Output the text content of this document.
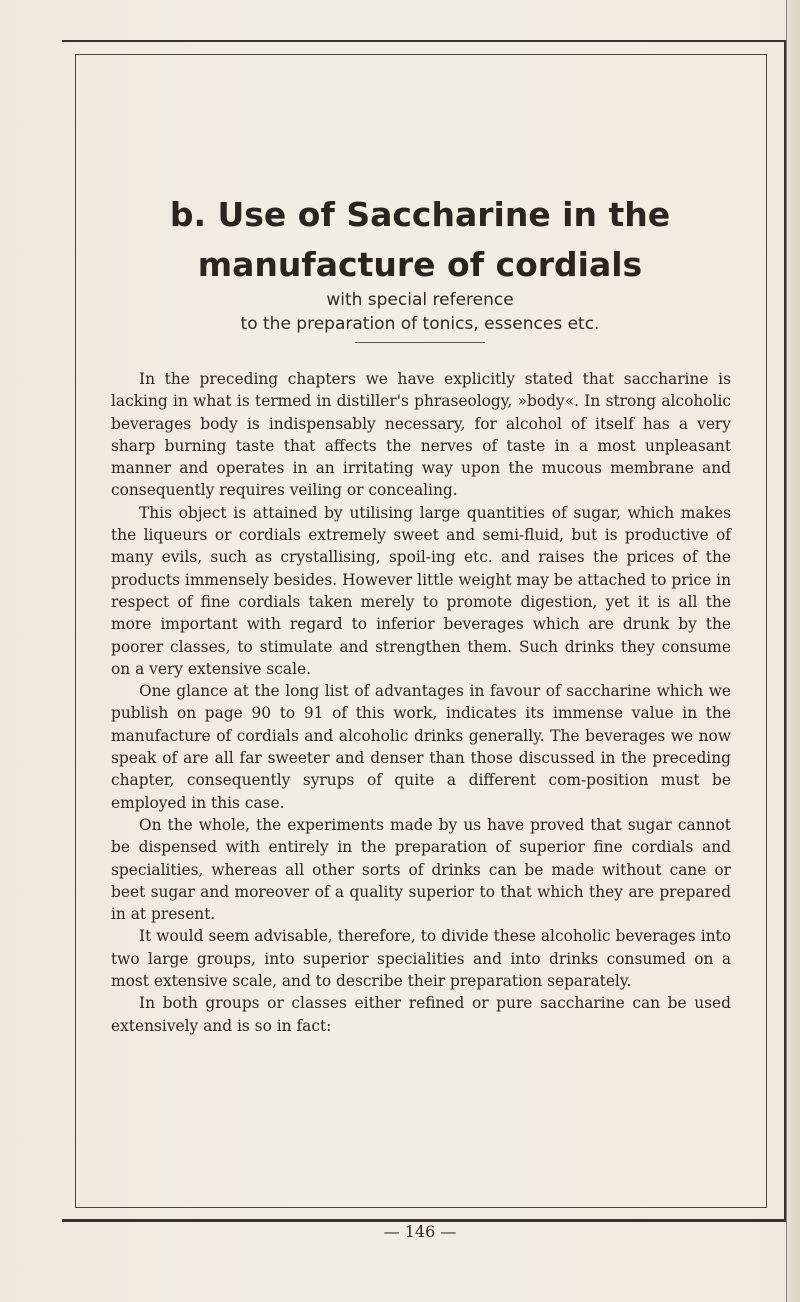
b. Use of Saccharine in the
manufacture of cordials
with special reference
to the preparation of tonics, essences etc.

In the preceding chapters we have explicitly stated that saccharine is lacking in what is termed in distiller's phraseology, »body«. In strong alcoholic beverages body is indispensably necessary, for alcohol of itself has a very sharp burning taste that affects the nerves of taste in a most unpleasant manner and operates in an irritating way upon the mucous membrane and consequently requires veiling or concealing.

This object is attained by utilising large quantities of sugar, which makes the liqueurs or cordials extremely sweet and semi-fluid, but is productive of many evils, such as crystallising, spoil-ing etc. and raises the prices of the products immensely besides. However little weight may be attached to price in respect of fine cordials taken merely to promote digestion, yet it is all the more important with regard to inferior beverages which are drunk by the poorer classes, to stimulate and strengthen them. Such drinks they consume on a very extensive scale.

One glance at the long list of advantages in favour of saccharine which we publish on page 90 to 91 of this work, indicates its immense value in the manufacture of cordials and alcoholic drinks generally. The beverages we now speak of are all far sweeter and denser than those discussed in the preceding chapter, consequently syrups of quite a different com-position must be employed in this case.

On the whole, the experiments made by us have proved that sugar cannot be dispensed with entirely in the preparation of superior fine cordials and specialities, whereas all other sorts of drinks can be made without cane or beet sugar and moreover of a quality superior to that which they are prepared in at present.

It would seem advisable, therefore, to divide these alcoholic beverages into two large groups, into superior specialities and into drinks consumed on a most extensive scale, and to describe their preparation separately.

In both groups or classes either refined or pure saccharine can be used extensively and is so in fact:

— 146 —
